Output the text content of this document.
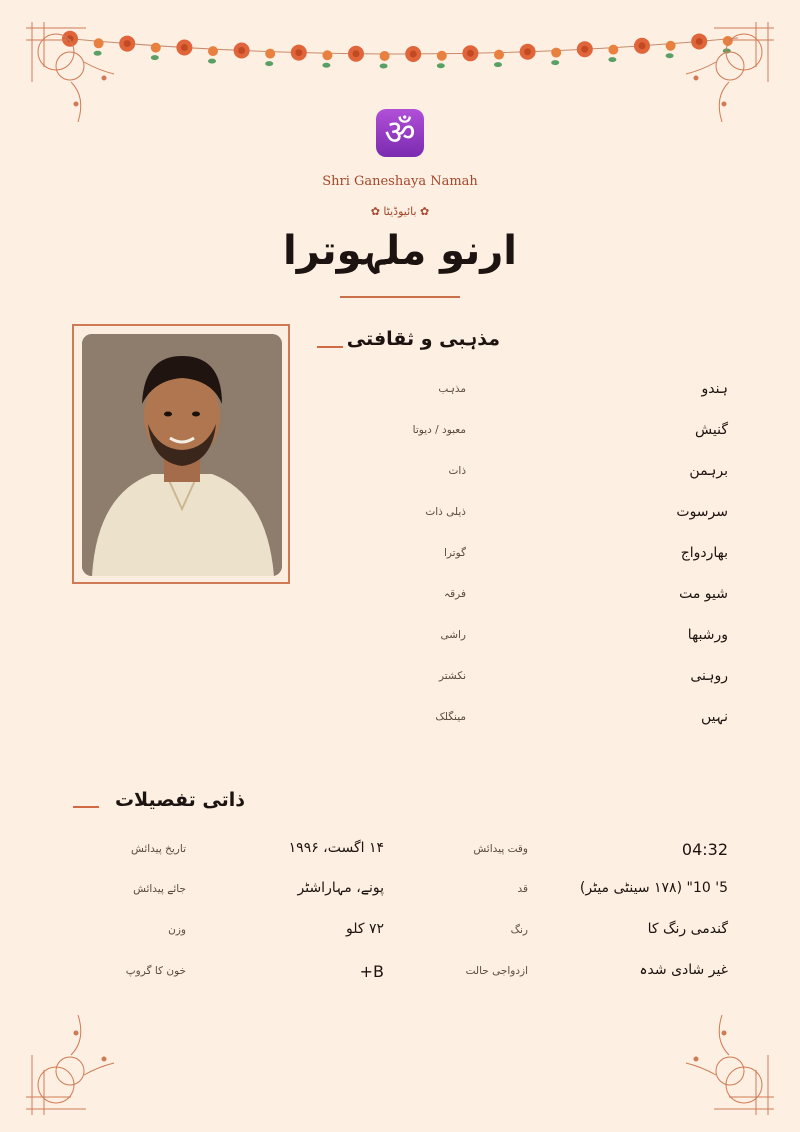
ॐ
Shri Ganeshaya Namah
✿ بائیوڈیٹا ✿
ارنو ملہوترا
مذہبی و ثقافتی
ہندو
مذہب
گنیش
معبود / دیوتا
برہمن
ذات
سرسوت
ذیلی ذات
بھاردواج
گوترا
شیو مت
فرقہ
ورشبھا
راشی
روہنی
نکشتر
نہیں
مینگلک
ذاتی تفصیلات
04:32
وقت پیدائش
5' 10" (۱۷۸ سینٹی میٹر)
قد
گندمی رنگ کا
رنگ
غیر شادی شدہ
ازدواجی حالت
۱۴ اگست، ۱۹۹۶
تاریخ پیدائش
پونے، مہاراشٹر
جائے پیدائش
۷۲ کلو
وزن
B+
خون کا گروپ
